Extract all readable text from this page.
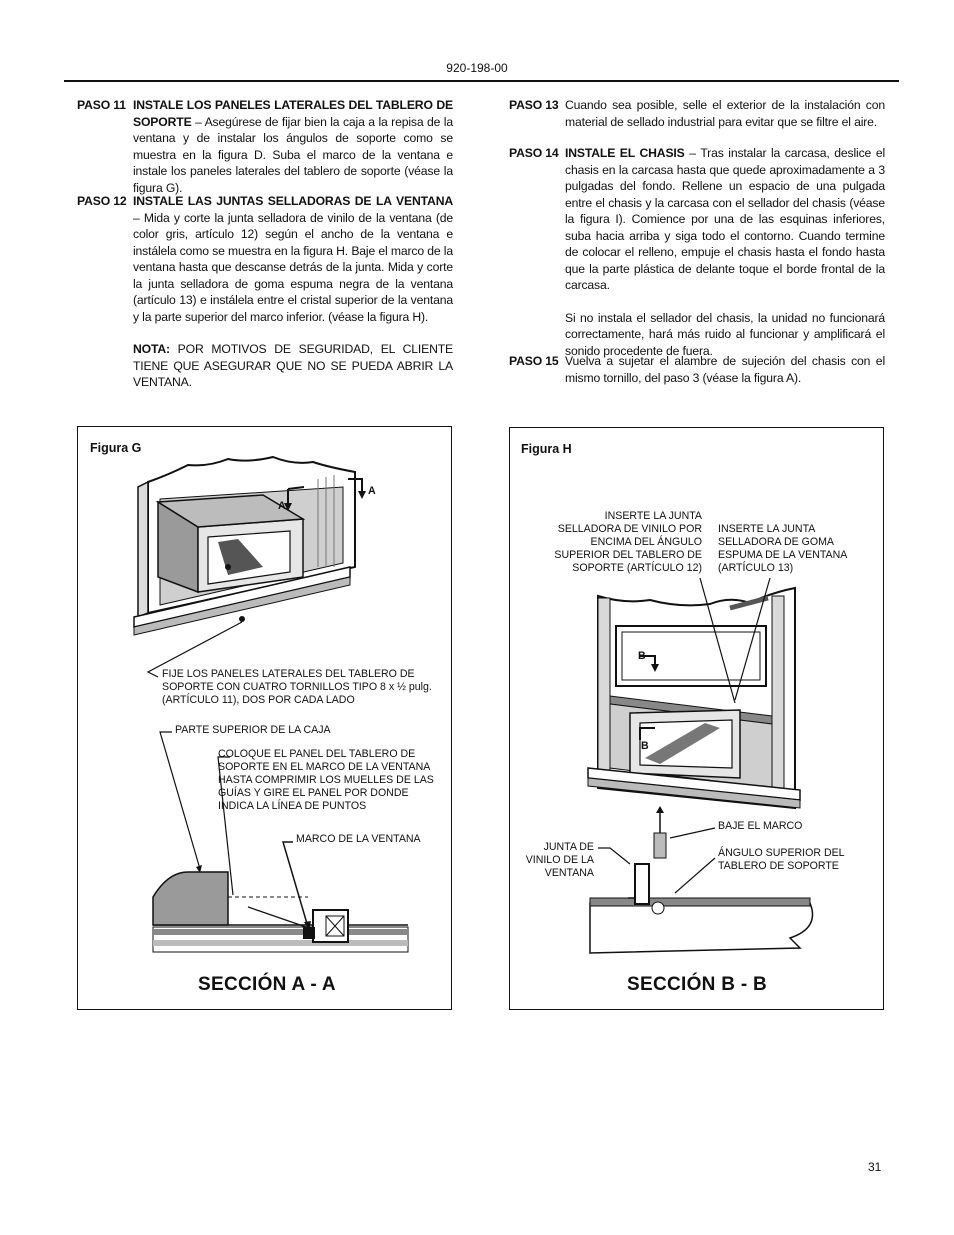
920-198-00
PASO 11 INSTALE LOS PANELES LATERALES DEL TABLERO DE SOPORTE – Asegúrese de fijar bien la caja a la repisa de la ventana y de instalar los ángulos de soporte como se muestra en la figura D. Suba el marco de la ventana e instale los paneles laterales del tablero de soporte (véase la figura G).
PASO 12 INSTALE LAS JUNTAS SELLADORAS DE LA VENTANA – Mida y corte la junta selladora de vinilo de la ventana (de color gris, artículo 12) según el ancho de la ventana e instálela como se muestra en la figura H. Baje el marco de la ventana hasta que descanse detrás de la junta. Mida y corte la junta selladora de goma espuma negra de la ventana (artículo 13) e instálela entre el cristal superior de la ventana y la parte superior del marco inferior. (véase la figura H).

NOTA: POR MOTIVOS DE SEGURIDAD, EL CLIENTE TIENE QUE ASEGURAR QUE NO SE PUEDA ABRIR LA VENTANA.

PASO 13 Cuando sea posible, selle el exterior de la instalación con material de sellado industrial para evitar que se filtre el aire.
PASO 14 INSTALE EL CHASIS – Tras instalar la carcasa, deslice el chasis en la carcasa hasta que quede aproximadamente a 3 pulgadas del fondo. Rellene un espacio de una pulgada entre el chasis y la carcasa con el sellador del chasis (véase la figura I). Comience por una de las esquinas inferiores, suba hacia arriba y siga todo el contorno. Cuando termine de colocar el relleno, empuje el chasis hasta el fondo hasta que la parte plástica de delante toque el borde frontal de la carcasa.

Si no instala el sellador del chasis, la unidad no funcionará correctamente, hará más ruido al funcionar y amplificará el sonido procedente de fuera.

PASO 15 Vuelva a sujetar el alambre de sujeción del chasis con el mismo tornillo, del paso 3 (véase la figura A).
Figura G
A
A
FIJE LOS PANELES LATERALES DEL TABLERO DE SOPORTE CON CUATRO TORNILLOS TIPO 8 x ½ pulg. (ARTÍCULO 11), DOS POR CADA LADO
PARTE SUPERIOR DE LA CAJA
COLOQUE EL PANEL DEL TABLERO DE SOPORTE EN EL MARCO DE LA VENTANA HASTA COMPRIMIR LOS MUELLES DE LAS GUÍAS Y GIRE EL PANEL POR DONDE INDICA LA LÍNEA DE PUNTOS
MARCO DE LA VENTANA
SECCIÓN A - A
Figura H
B
B
INSERTE LA JUNTA SELLADORA DE VINILO POR ENCIMA DEL ÁNGULO SUPERIOR DEL TABLERO DE SOPORTE (ARTÍCULO 12)
INSERTE LA JUNTA SELLADORA DE GOMA ESPUMA DE LA VENTANA (ARTÍCULO 13)
BAJE EL MARCO
JUNTA DE VINILO DE LA VENTANA
ÁNGULO SUPERIOR DEL TABLERO DE SOPORTE
SECCIÓN B - B
31
